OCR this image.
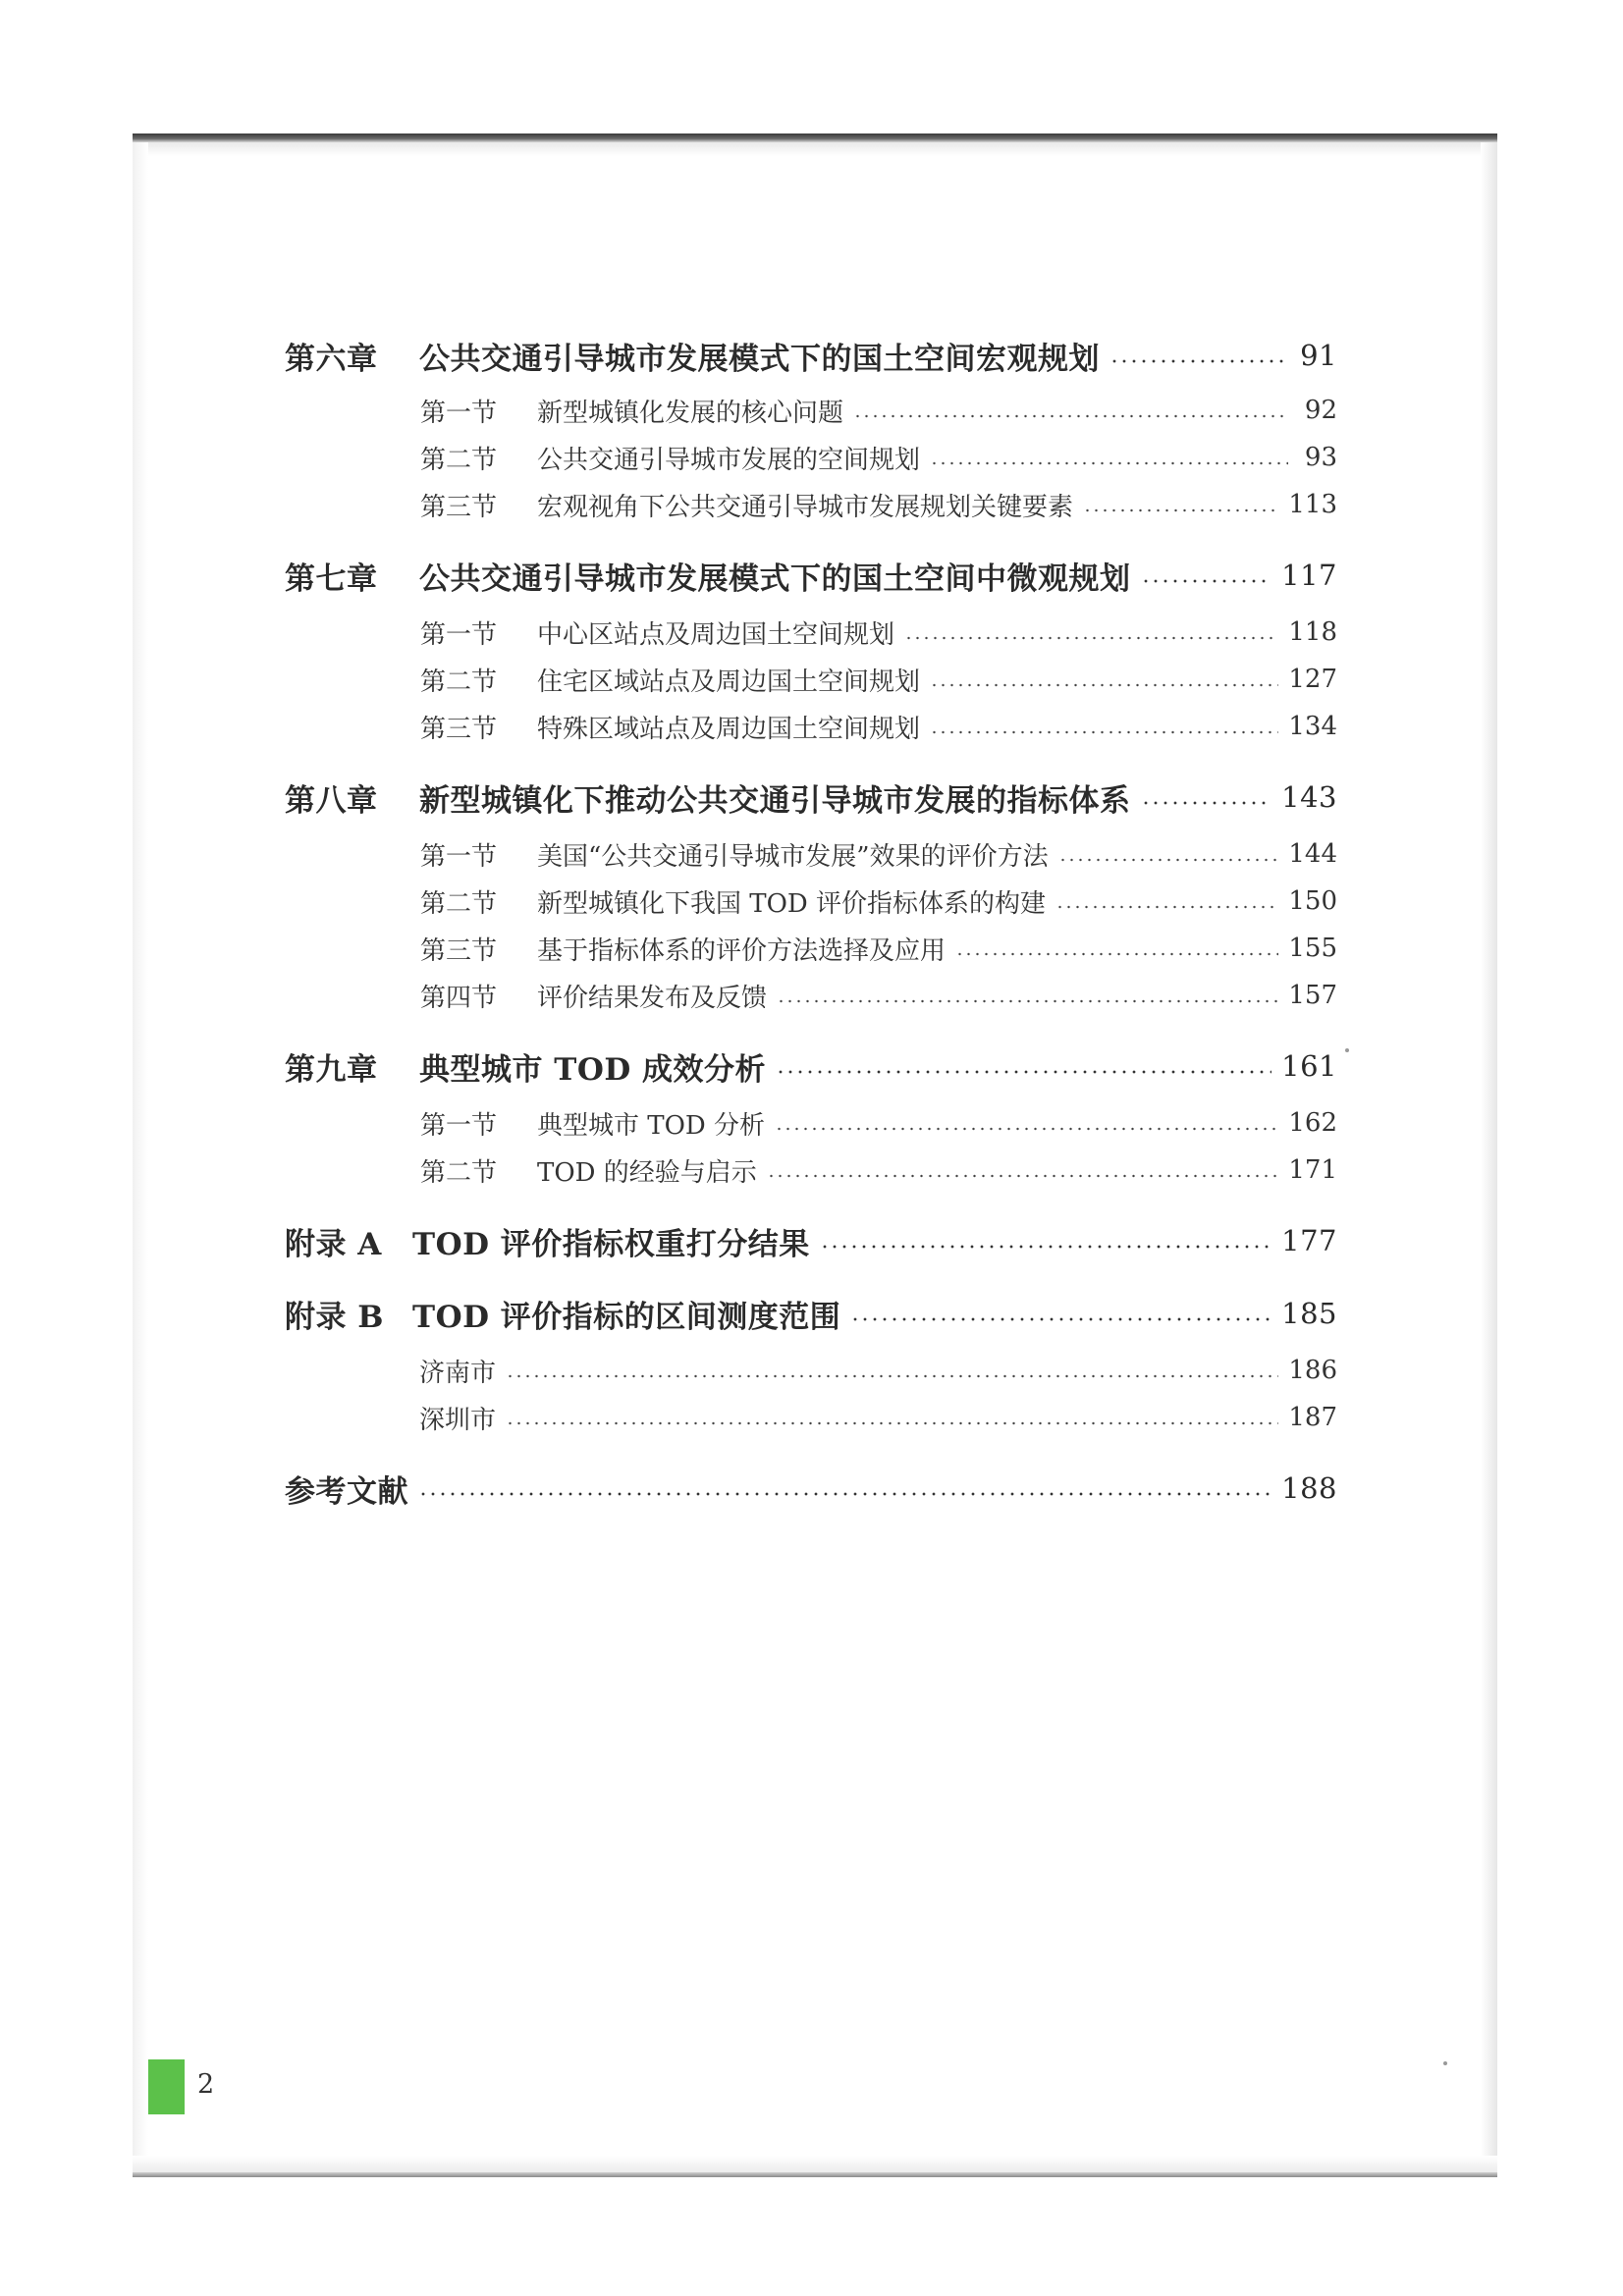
第六章	公共交通引导城市发展模式下的国土空间宏观规划	91
第一节	新型城镇化发展的核心问题	92
第二节	公共交通引导城市发展的空间规划	93
第三节	宏观视角下公共交通引导城市发展规划关键要素	113
第七章	公共交通引导城市发展模式下的国土空间中微观规划	117
第一节	中心区站点及周边国土空间规划	118
第二节	住宅区域站点及周边国土空间规划	127
第三节	特殊区域站点及周边国土空间规划	134
第八章	新型城镇化下推动公共交通引导城市发展的指标体系	143
第一节	美国“公共交通引导城市发展”效果的评价方法	144
第二节	新型城镇化下我国 TOD 评价指标体系的构建	150
第三节	基于指标体系的评价方法选择及应用	155
第四节	评价结果发布及反馈	157
第九章	典型城市 TOD 成效分析	161
第一节	典型城市 TOD 分析	162
第二节	TOD 的经验与启示	171
附录 A	TOD 评价指标权重打分结果	177
附录 B TOD 评价指标的区间测度范围	185
济南市	186
深圳市	187
参考文献	188
2
